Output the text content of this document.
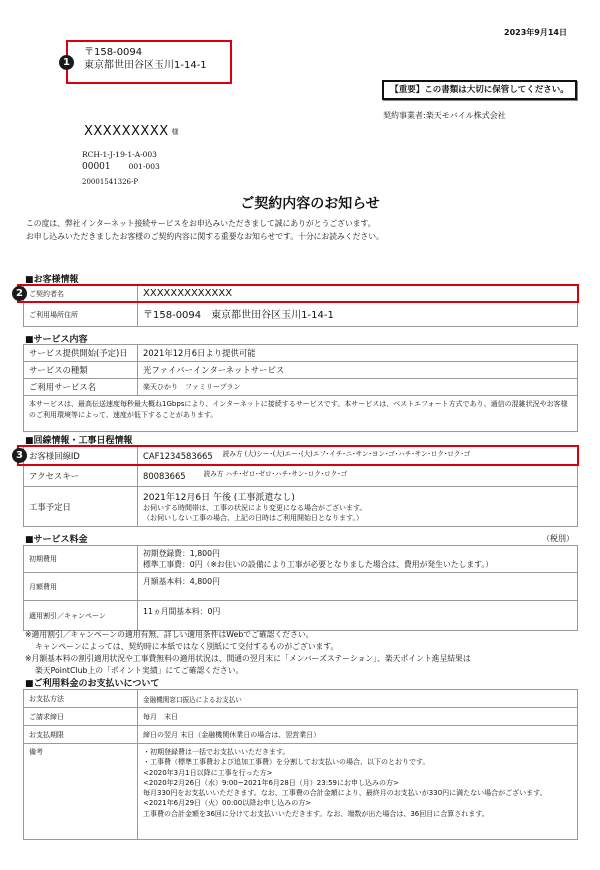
2023年9月14日
〒158-0094
東京都世田谷区玉川1-14-1
1
【重要】この書類は大切に保管してください。
契約事業者:楽天モバイル株式会社
XXXXXXXXX 様
RCH-1-J-19-1-A-003
00001 001-003
20001541326-P
ご契約内容のお知らせ
この度は、弊社インターネット接続サービスをお申込みいただきまして誠にありがとうございます。
お申し込みいただきましたお客様のご契約内容に関する重要なお知らせです。十分にお読みください。
■お客様情報
ご契約者名	XXXXXXXXXXXXX
ご利用場所住所	〒158-0094　東京都世田谷区玉川1-14-1
2
■サービス内容
サービス提供開始(予定)日	2021年12月6日より提供可能
サービスの種類	光ファイバーインターネットサービス
ご利用サービス名	楽天ひかり　ファミリープラン
本サービスは、最高伝送速度毎秒最大概ね1Gbpsにより、インターネットに接続するサービスです。本サービスは、ベストエフォート方式であり、通信の混雑状況やお客様のご利用環境等によって、速度が低下することがあります。	
■回線情報・工事日程情報
お客様回線ID	CAF1234583665 $^{読み方 (大)シー･(大)エー･(大)エフ･イチ･ニ･サン･ヨン･ゴ･ハチ･サン･ロク･ロク･ゴ}$
アクセスキー	80083665 $^{読み方 ハチ･ゼロ･ゼロ･ハチ･サン･ロク･ロク･ゴ}$
工事予定日	2021年12月6日 午後 (工事派遣なし)
お伺いする時間帯は、工事の状況により変更になる場合がございます。
（お伺いしない工事の場合、上記の日時はご利用開始日となります。）
3
■サービス料金	（税別）
初期費用	初期登録費：1,800円
標準工事費：0円（※お住いの設備により工事が必要となりました場合は、費用が発生いたします。）

月額費用	月額基本料：4,800円
適用割引／キャンペーン	11ヵ月間基本料：0円
※適用割引／キャンペーンの適用有無、詳しい適用条件はWebでご確認ください。
キャンペーンによっては、契約時に本紙ではなく別紙にて交付するものがございます。
※月額基本料の割引適用状況や工事費無料の適用状況は、開通の翌月末に「メンバーズステーション」、楽天ポイント進呈結果は
楽天PointClub上の「ポイント実績」にてご確認ください。
■ご利用料金のお支払いについて
お支払方法	金融機関窓口振込によるお支払い
ご請求締日	毎月　末日
お支払期限	締日の翌月 末日（金融機関休業日の場合は、翌営業日）
備考	・初期登録費は一括でお支払いいただきます。
・工事費（標準工事費および追加工事費）を分割してお支払いの場合、以下のとおりです。
<2020年3月1日以降に工事を行った方>
<2020年2月26日（水）9:00~2021年6月28日（月）23:59にお申し込みの方>
毎月330円をお支払いいただきます。なお、工事費の合計金額により、最終月のお支払いが330円に満たない場合がございます。
<2021年6月29日（火）00:00以降お申し込みの方>
工事費の合計金額を36回に分けてお支払いいただきます。なお、端数が出た場合は、36回目に合算されます。
